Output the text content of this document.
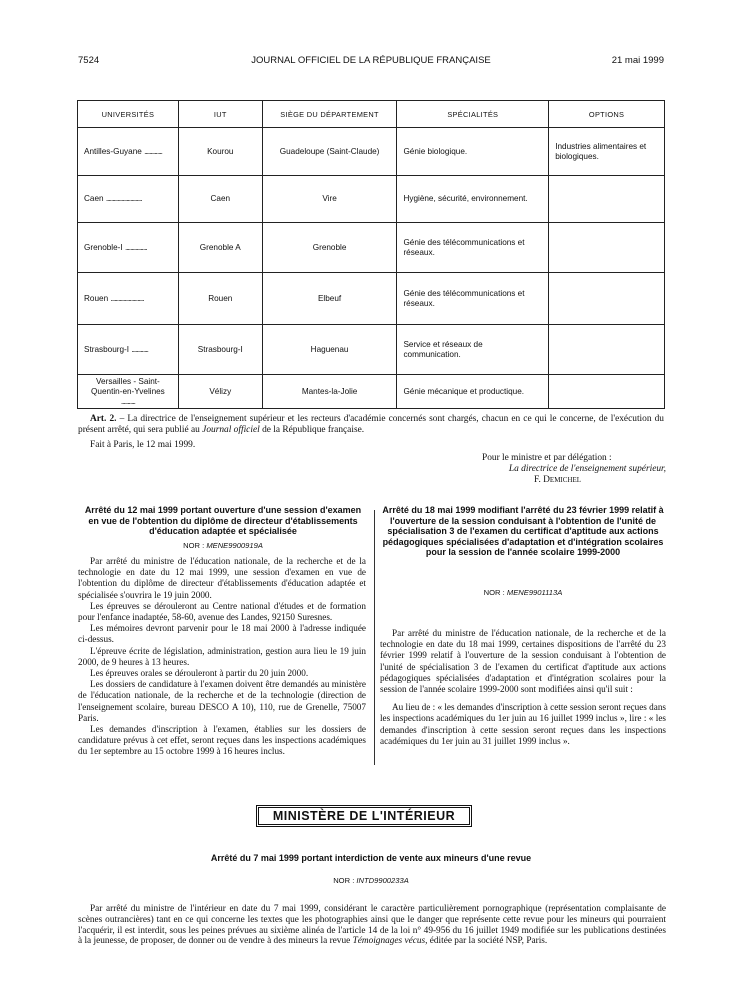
7524	JOURNAL OFFICIEL DE LA RÉPUBLIQUE FRANÇAISE	21 mai 1999
UNIVERSITÉS	IUT	SIÈGE DU DÉPARTEMENT	SPÉCIALITÉS	OPTIONS
Antilles-Guyane ..............	Kourou	Guadeloupe (Saint-Claude)	Génie biologique.	Industries alimentaires et biologiques.
Caen ............................	Caen	Vire	Hygiène, sécurité, environnement.	
Grenoble-I .................	Grenoble A	Grenoble	Génie des télécommunications et réseaux.	
Rouen ..........................	Rouen	Elbeuf	Génie des télécommunications et réseaux.	
Strasbourg-I .............	Strasbourg-I	Haguenau	Service et réseaux de communication.	
Versailles - Saint-Quentin-en-Yvelines ...........	Vélizy	Mantes-la-Jolie	Génie mécanique et productique.	
Art. 2. – La directrice de l'enseignement supérieur et les recteurs d'académie concernés sont chargés, chacun en ce qui le concerne, de l'exécution du présent arrêté, qui sera publié au Journal officiel de la République française.
Fait à Paris, le 12 mai 1999.
Pour le ministre et par délégation :
La directrice de l'enseignement supérieur,
F. Demichel
Arrêté du 12 mai 1999 portant ouverture d'une session d'examen en vue de l'obtention du diplôme de directeur d'établissements d'éducation adaptée et spécialisée
NOR : MENE9900919A

Par arrêté du ministre de l'éducation nationale, de la recherche et de la technologie en date du 12 mai 1999, une session d'examen en vue de l'obtention du diplôme de directeur d'établissements d'éducation adaptée et spécialisée s'ouvrira le 19 juin 2000.

Les épreuves se dérouleront au Centre national d'études et de formation pour l'enfance inadaptée, 58-60, avenue des Landes, 92150 Suresnes.

Les mémoires devront parvenir pour le 18 mai 2000 à l'adresse indiquée ci-dessus.

L'épreuve écrite de législation, administration, gestion aura lieu le 19 juin 2000, de 9 heures à 13 heures.

Les épreuves orales se dérouleront à partir du 20 juin 2000.

Les dossiers de candidature à l'examen doivent être demandés au ministère de l'éducation nationale, de la recherche et de la technologie (direction de l'enseignement scolaire, bureau DESCO A 10), 110, rue de Grenelle, 75007 Paris.

Les demandes d'inscription à l'examen, établies sur les dossiers de candidature prévus à cet effet, seront reçues dans les inspections académiques du 1er septembre au 15 octobre 1999 à 16 heures inclus.

Arrêté du 18 mai 1999 modifiant l'arrêté du 23 février 1999 relatif à l'ouverture de la session conduisant à l'obtention de l'unité de spécialisation 3 de l'examen du certificat d'aptitude aux actions pédagogiques spécialisées d'adaptation et d'intégration scolaires pour la session de l'année scolaire 1999-2000
NOR : MENE9901113A

Par arrêté du ministre de l'éducation nationale, de la recherche et de la technologie en date du 18 mai 1999, certaines dispositions de l'arrêté du 23 février 1999 relatif à l'ouverture de la session conduisant à l'obtention de l'unité de spécialisation 3 de l'examen du certificat d'aptitude aux actions pédagogiques spécialisées d'adaptation et d'intégration scolaires pour la session de l'année scolaire 1999-2000 sont modifiées ainsi qu'il suit :

Au lieu de : « les demandes d'inscription à cette session seront reçues dans les inspections académiques du 1er juin au 16 juillet 1999 inclus », lire : « les demandes d'inscription à cette session seront reçues dans les inspections académiques du 1er juin au 31 juillet 1999 inclus ».

MINISTÈRE DE L'INTÉRIEUR
Arrêté du 7 mai 1999 portant interdiction de vente aux mineurs d'une revue
NOR : INTD9900233A
Par arrêté du ministre de l'intérieur en date du 7 mai 1999, considérant le caractère particulièrement pornographique (représentation complaisante de scènes outrancières) tant en ce qui concerne les textes que les photographies ainsi que le danger que représente cette revue pour les mineurs qui pourraient l'acquérir, il est interdit, sous les peines prévues au sixième alinéa de l'article 14 de la loi n° 49-956 du 16 juillet 1949 modifiée sur les publications destinées à la jeunesse, de proposer, de donner ou de vendre à des mineurs la revue Témoignages vécus, éditée par la société NSP, Paris.
